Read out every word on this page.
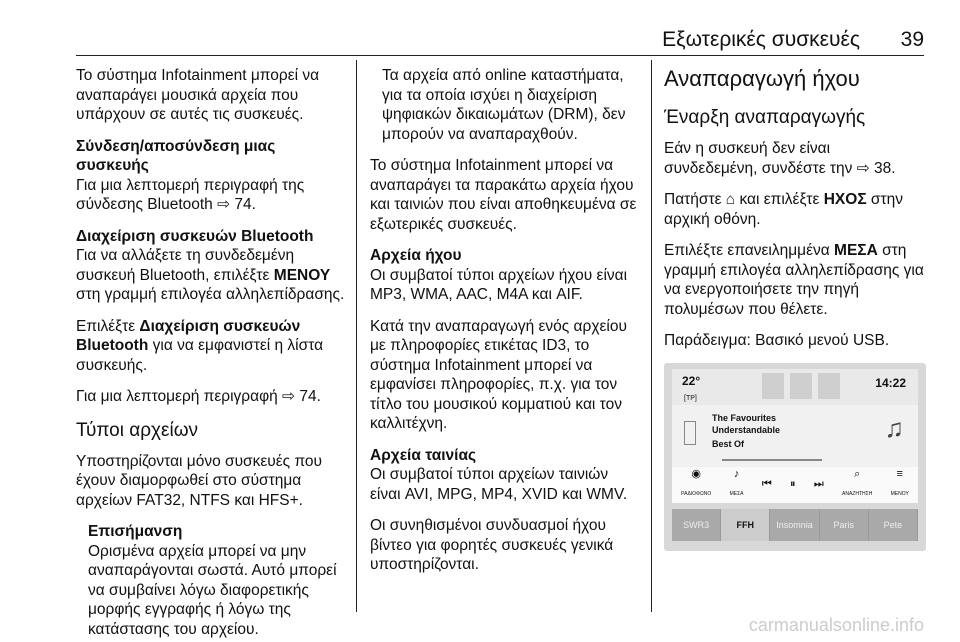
Εξωτερικές συσκευές 39

Το σύστημα Infotainment μπορεί να αναπαράγει μουσικά αρχεία που υπάρχουν σε αυτές τις συσκευές.

Σύνδεση/αποσύνδεση μιας συσκευής

Για μια λεπτομερή περιγραφή της σύνδεσης Bluetooth ⇨ 74.

Διαχείριση συσκευών Bluetooth

Για να αλλάξετε τη συνδεδεμένη συσκευή Bluetooth, επιλέξτε ΜΕΝΟΥ στη γραμμή επιλογέα αλληλεπίδρασης.

Επιλέξτε Διαχείριση συσκευών Bluetooth για να εμφανιστεί η λίστα συσκευής.

Για μια λεπτομερή περιγραφή ⇨ 74.

Τύποι αρχείων

Υποστηρίζονται μόνο συσκευές που έχουν διαμορφωθεί στο σύστημα αρχείων FAT32, NTFS και HFS+.

Επισήμανση
Ορισμένα αρχεία μπορεί να μην αναπαράγονται σωστά. Αυτό μπορεί να συμβαίνει λόγω διαφορετικής μορφής εγγραφής ή λόγω της κατάστασης του αρχείου.

Τα αρχεία από online καταστήματα, για τα οποία ισχύει η διαχείριση ψηφιακών δικαιωμάτων (DRM), δεν μπορούν να αναπαραχθούν.

Το σύστημα Infotainment μπορεί να αναπαράγει τα παρακάτω αρχεία ήχου και ταινιών που είναι αποθηκευμένα σε εξωτερικές συσκευές.

Αρχεία ήχου

Οι συμβατοί τύποι αρχείων ήχου είναι MP3, WMA, AAC, M4A και AIF.

Κατά την αναπαραγωγή ενός αρχείου με πληροφορίες ετικέτας ID3, το σύστημα Infotainment μπορεί να εμφανίσει πληροφορίες, π.χ. για τον τίτλο του μουσικού κομματιού και τον καλλιτέχνη.

Αρχεία ταινίας

Οι συμβατοί τύποι αρχείων ταινιών είναι AVI, MPG, MP4, XVID και WMV.

Οι συνηθισμένοι συνδυασμοί ήχου βίντεο για φορητές συσκευές γενικά υποστηρίζονται.

Αναπαραγωγή ήχου
Έναρξη αναπαραγωγής

Εάν η συσκευή δεν είναι συνδεδεμένη, συνδέστε την ⇨ 38.

Πατήστε ⌂ και επιλέξτε ΗΧΟΣ στην αρχική οθόνη.

Επιλέξτε επανειλημμένα ΜΕΣΑ στη γραμμή επιλογέα αλληλεπίδρασης για να ενεργοποιήσετε την πηγή πολυμέσων που θέλετε.

Παράδειγμα: Βασικό μενού USB.

22°
[TP]
14:22
The Favourites
Understandable
Best Of
♫
◉
ΡΑΔΙΟΦΩΝΟ
♪
ΜΕΣΑ
⏮ ⏸ ⏭
⌕
ΑΝΑΖΗΤΗΣΗ
≡
ΜΕΝΟΥ
SWR3	FFH	Insomnia	Paris	Pete
carmanualsonline.info
